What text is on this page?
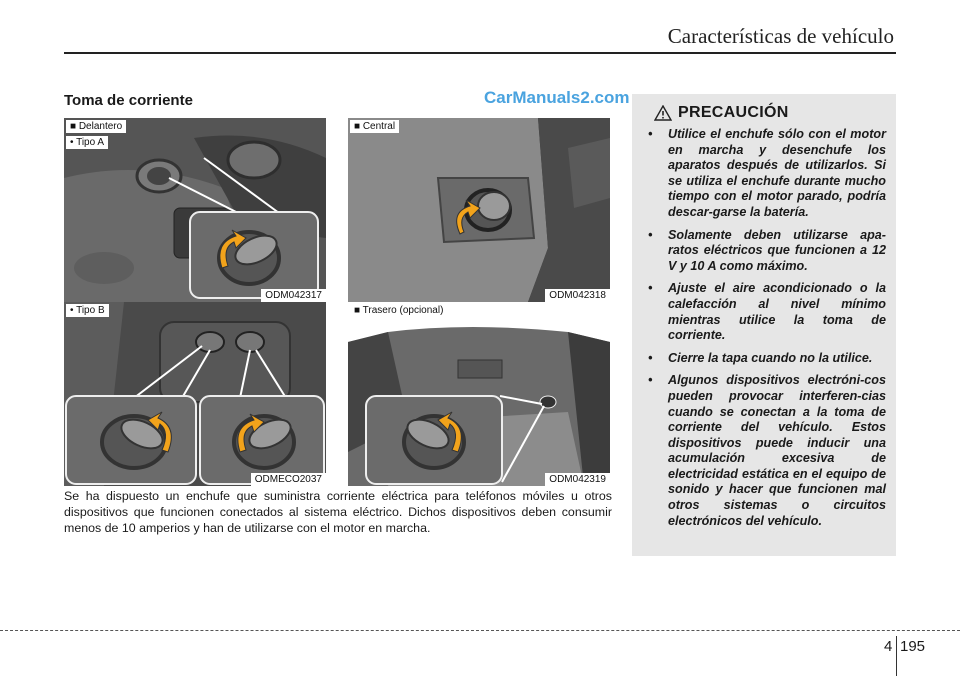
Características de vehículo
Toma de corriente	CarManuals2.com
■ Delantero
• Tipo A
ODM042317
• Tipo B
ODMECO2037
■ Central
ODM042318
■ Trasero (opcional)
ODM042319

Se ha dispuesto un enchufe que suministra corriente eléctrica para teléfonos móviles u otros dispositivos que funcionen conectados al sistema eléctrico. Dichos dispositivos deben consumir menos de 10 amperios y han de utilizarse con el motor en marcha.

PRECAUCIÓN
• Utilice el enchufe sólo con el motor en marcha y desenchufe los aparatos después de utilizarlos. Si se utiliza el enchufe durante mucho tiempo con el motor parado, podría descar-garse la batería.
• Solamente deben utilizarse apa-ratos eléctricos que funcionen a 12 V y 10 A como máximo.
• Ajuste el aire acondicionado o la calefacción al nivel mínimo mientras utilice la toma de corriente.
• Cierre la tapa cuando no la utilice.
• Algunos dispositivos electróni-cos pueden provocar interferen-cias cuando se conectan a la toma de corriente del vehículo. Estos dispositivos puede inducir una acumulación excesiva de electricidad estática en el equipo de sonido y hacer que funcionen mal otros sistemas o circuitos electrónicos del vehículo.
4 195
